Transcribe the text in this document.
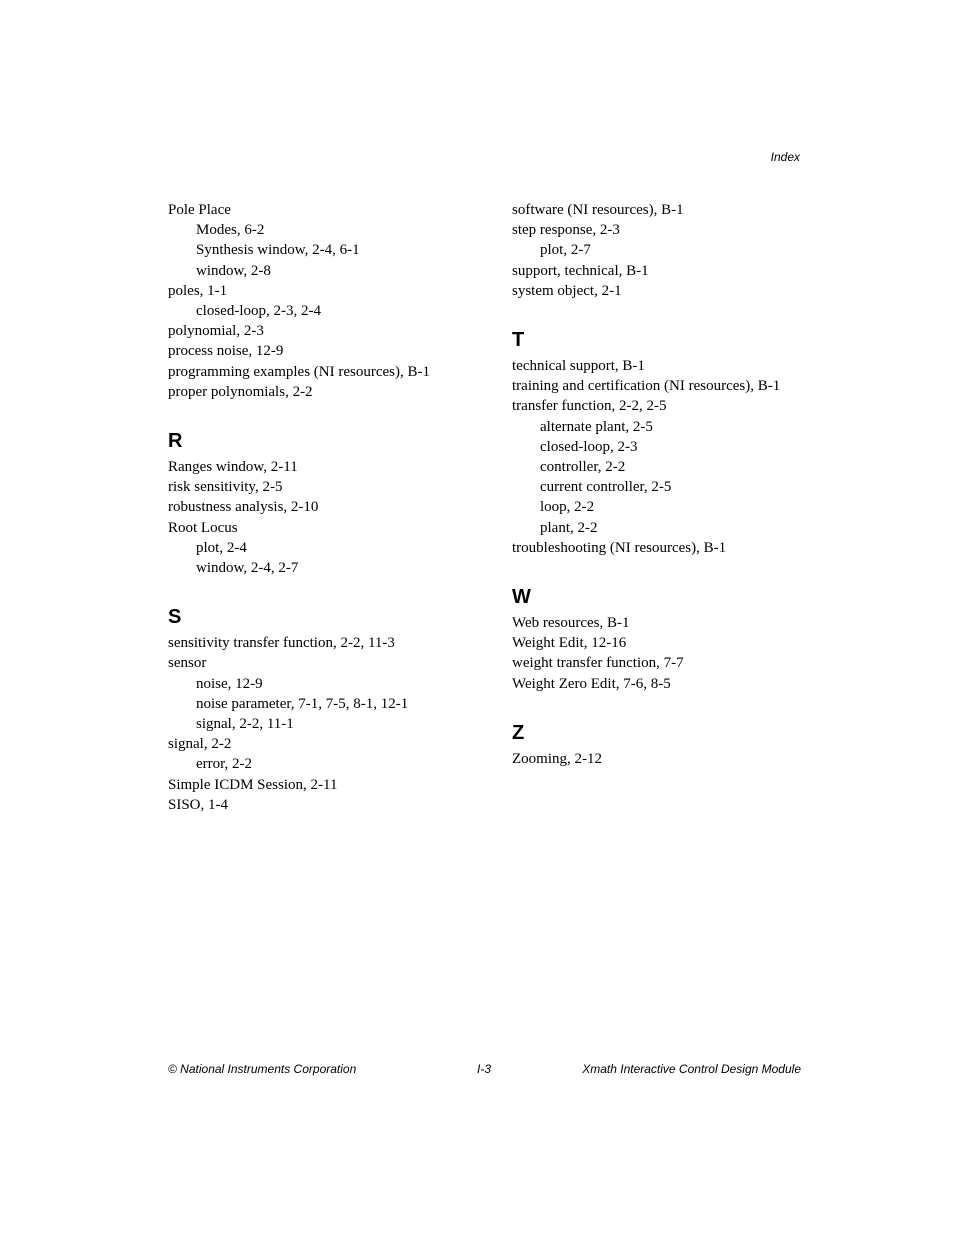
Index
Pole Place
Modes, 6-2
Synthesis window, 2-4, 6-1
window, 2-8
poles, 1-1
closed-loop, 2-3, 2-4
polynomial, 2-3
process noise, 12-9
programming examples (NI resources), B-1
proper polynomials, 2-2
R
Ranges window, 2-11
risk sensitivity, 2-5
robustness analysis, 2-10
Root Locus
plot, 2-4
window, 2-4, 2-7
S
sensitivity transfer function, 2-2, 11-3
sensor
noise, 12-9
noise parameter, 7-1, 7-5, 8-1, 12-1
signal, 2-2, 11-1
signal, 2-2
error, 2-2
Simple ICDM Session, 2-11
SISO, 1-4
software (NI resources), B-1
step response, 2-3
plot, 2-7
support, technical, B-1
system object, 2-1
T
technical support, B-1
training and certification (NI resources), B-1
transfer function, 2-2, 2-5
alternate plant, 2-5
closed-loop, 2-3
controller, 2-2
current controller, 2-5
loop, 2-2
plant, 2-2
troubleshooting (NI resources), B-1
W
Web resources, B-1
Weight Edit, 12-16
weight transfer function, 7-7
Weight Zero Edit, 7-6, 8-5
Z
Zooming, 2-12
© National Instruments Corporation	I-3	Xmath Interactive Control Design Module
